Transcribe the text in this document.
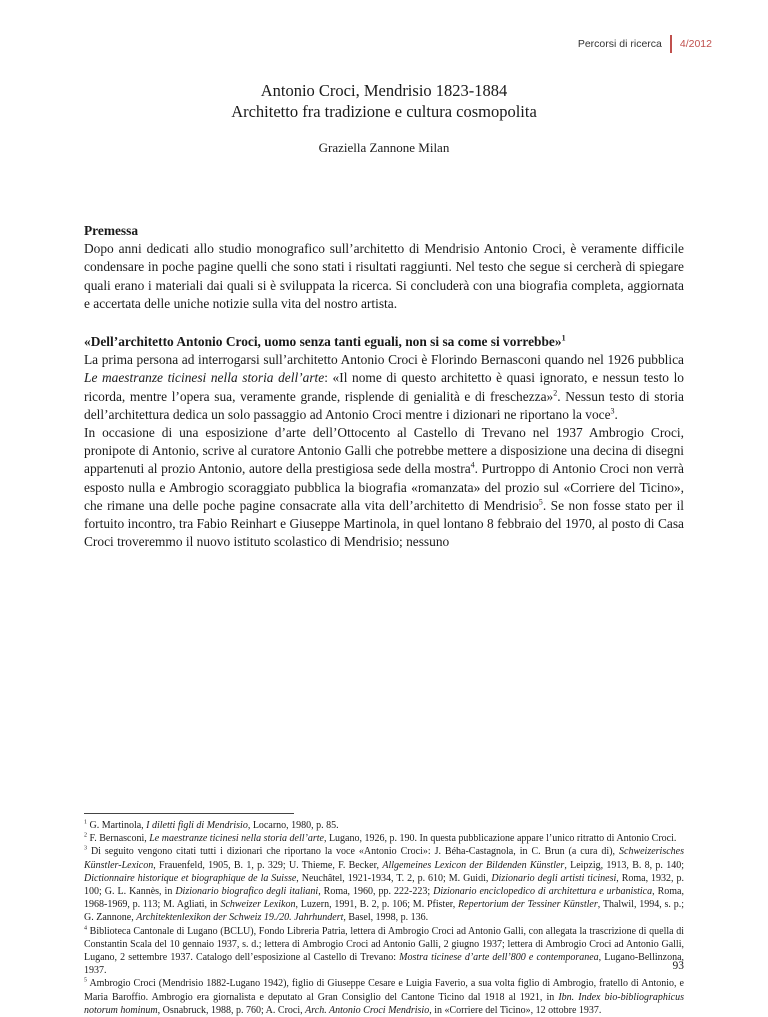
Percorsi di ricerca	4/2012
Antonio Croci, Mendrisio 1823-1884
Architetto fra tradizione e cultura cosmopolita
Graziella Zannone Milan

Premessa

Dopo anni dedicati allo studio monografico sull’architetto di Mendrisio Antonio Croci, è veramente difficile condensare in poche pagine quelli che sono stati i risultati raggiunti. Nel testo che segue si cercherà di spiegare quali erano i materiali dai quali si è sviluppata la ricerca. Si concluderà con una biografia completa, aggiornata e accertata delle uniche notizie sulla vita del nostro artista.

«Dell’architetto Antonio Croci, uomo senza tanti eguali, non si sa come si vorrebbe»$^1$

La prima persona ad interrogarsi sull’architetto Antonio Croci è Florindo Bernasconi quando nel 1926 pubblica Le maestranze ticinesi nella storia dell’arte: «Il nome di questo architetto è quasi ignorato, e nessun testo lo ricorda, mentre l’opera sua, veramente grande, risplende di genialità e di freschezza»$^2$. Nessun testo di storia dell’architettura dedica un solo passaggio ad Antonio Croci mentre i dizionari ne riportano la voce$^3$.

In occasione di una esposizione d’arte dell’Ottocento al Castello di Trevano nel 1937 Ambrogio Croci, pronipote di Antonio, scrive al curatore Antonio Galli che potrebbe mettere a disposizione una decina di disegni appartenuti al prozio Antonio, autore della prestigiosa sede della mostra$^4$. Purtroppo di Antonio Croci non verrà esposto nulla e Ambrogio scoraggiato pubblica la biografia «romanzata» del prozio sul «Corriere del Ticino», che rimane una delle poche pagine consacrate alla vita dell’architetto di Mendrisio$^5$. Se non fosse stato per il fortuito incontro, tra Fabio Reinhart e Giuseppe Martinola, in quel lontano 8 febbraio del 1970, al posto di Casa Croci troveremmo il nuovo istituto scolastico di Mendrisio; nessuno

$^1$ G. Martinola, I diletti figli di Mendrisio, Locarno, 1980, p. 85.

$^2$ F. Bernasconi, Le maestranze ticinesi nella storia dell’arte, Lugano, 1926, p. 190. In questa pubblicazione appare l’unico ritratto di Antonio Croci.

$^3$ Di seguito vengono citati tutti i dizionari che riportano la voce «Antonio Croci»: J. Béha-Castagnola, in C. Brun (a cura di), Schweizerisches Künstler-Lexicon, Frauenfeld, 1905, B. 1, p. 329; U. Thieme, F. Becker, Allgemeines Lexicon der Bildenden Künstler, Leipzig, 1913, B. 8, p. 140; Dictionnaire historique et biographique de la Suisse, Neuchâtel, 1921-1934, T. 2, p. 610; M. Guidi, Dizionario degli artisti ticinesi, Roma, 1932, p. 100; G. L. Kannès, in Dizionario biografico degli italiani, Roma, 1960, pp. 222-223; Dizionario enciclopedico di architettura e urbanistica, Roma, 1968-1969, p. 113; M. Agliati, in Schweizer Lexikon, Luzern, 1991, B. 2, p. 106; M. Pfister, Repertorium der Tessiner Künstler, Thalwil, 1994, s. p.; G. Zannone, Architektenlexikon der Schweiz 19./20. Jahrhundert, Basel, 1998, p. 136.

$^4$ Biblioteca Cantonale di Lugano (BCLU), Fondo Libreria Patria, lettera di Ambrogio Croci ad Antonio Galli, con allegata la trascrizione di quella di Constantin Scala del 10 gennaio 1937, s. d.; lettera di Ambrogio Croci ad Antonio Galli, 2 giugno 1937; lettera di Ambrogio Croci ad Antonio Galli, Lugano, 2 settembre 1937. Catalogo dell’esposizione al Castello di Trevano: Mostra ticinese d’arte dell’800 e contemporanea, Lugano-Bellinzona, 1937.

$^5$ Ambrogio Croci (Mendrisio 1882-Lugano 1942), figlio di Giuseppe Cesare e Luigia Faverio, a sua volta figlio di Ambrogio, fratello di Antonio, e Maria Baroffio. Ambrogio era giornalista e deputato al Gran Consiglio del Cantone Ticino dal 1918 al 1921, in Ibn. Index bio-bibliographicus notorum hominum, Osnabruck, 1988, p. 760; A. Croci, Arch. Antonio Croci Mendrisio, in «Corriere del Ticino», 12 ottobre 1937.

93
